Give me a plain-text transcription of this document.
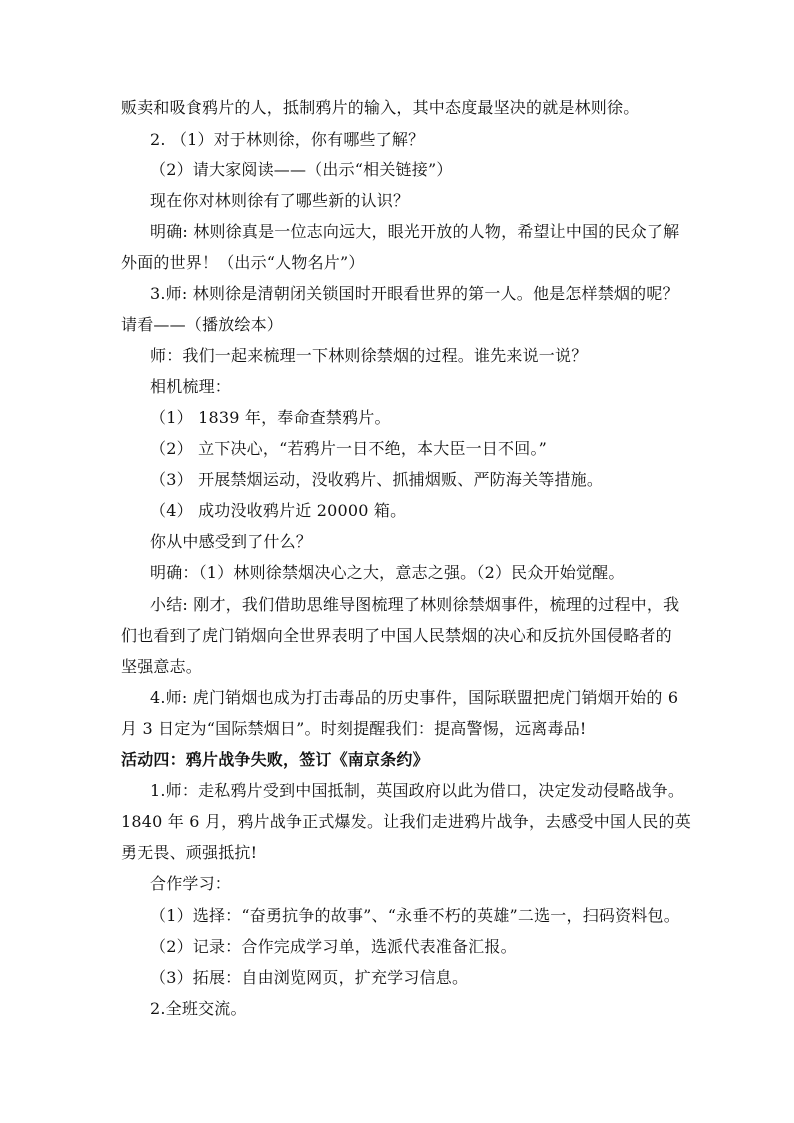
贩卖和吸食鸦片的人，抵制鸦片的输入，其中态度最坚决的就是林则徐。
2. （1）对于林则徐，你有哪些了解？
（2）请大家阅读——（出示“相关链接”）
现在你对林则徐有了哪些新的认识？
明确: 林则徐真是一位志向远大，眼光开放的人物，希望让中国的民众了解
外面的世界！（出示“人物名片”）
3.师: 林则徐是清朝闭关锁国时开眼看世界的第一人。他是怎样禁烟的呢？
请看——（播放绘本）
师：我们一起来梳理一下林则徐禁烟的过程。谁先来说一说？
相机梳理：
（1） 1839 年，奉命查禁鸦片。
（2） 立下决心，“若鸦片一日不绝，本大臣一日不回。”
（3） 开展禁烟运动，没收鸦片、抓捕烟贩、严防海关等措施。
（4） 成功没收鸦片近 20000 箱。
你从中感受到了什么？
明确：（1）林则徐禁烟决心之大，意志之强。（2）民众开始觉醒。
小结: 刚才，我们借助思维导图梳理了林则徐禁烟事件，梳理的过程中，我
们也看到了虎门销烟向全世界表明了中国人民禁烟的决心和反抗外国侵略者的
坚强意志。
4.师: 虎门销烟也成为打击毒品的历史事件，国际联盟把虎门销烟开始的 6
月 3 日定为“国际禁烟日”。时刻提醒我们：提高警惕，远离毒品!
活动四：鸦片战争失败，签订《南京条约》
1.师：走私鸦片受到中国抵制，英国政府以此为借口，决定发动侵略战争。
1840 年 6 月，鸦片战争正式爆发。让我们走进鸦片战争，去感受中国人民的英
勇无畏、顽强抵抗!
合作学习：
（1）选择：“奋勇抗争的故事”、“永垂不朽的英雄”二选一，扫码资料包。
（2）记录：合作完成学习单，选派代表准备汇报。
（3）拓展：自由浏览网页，扩充学习信息。
2.全班交流。
